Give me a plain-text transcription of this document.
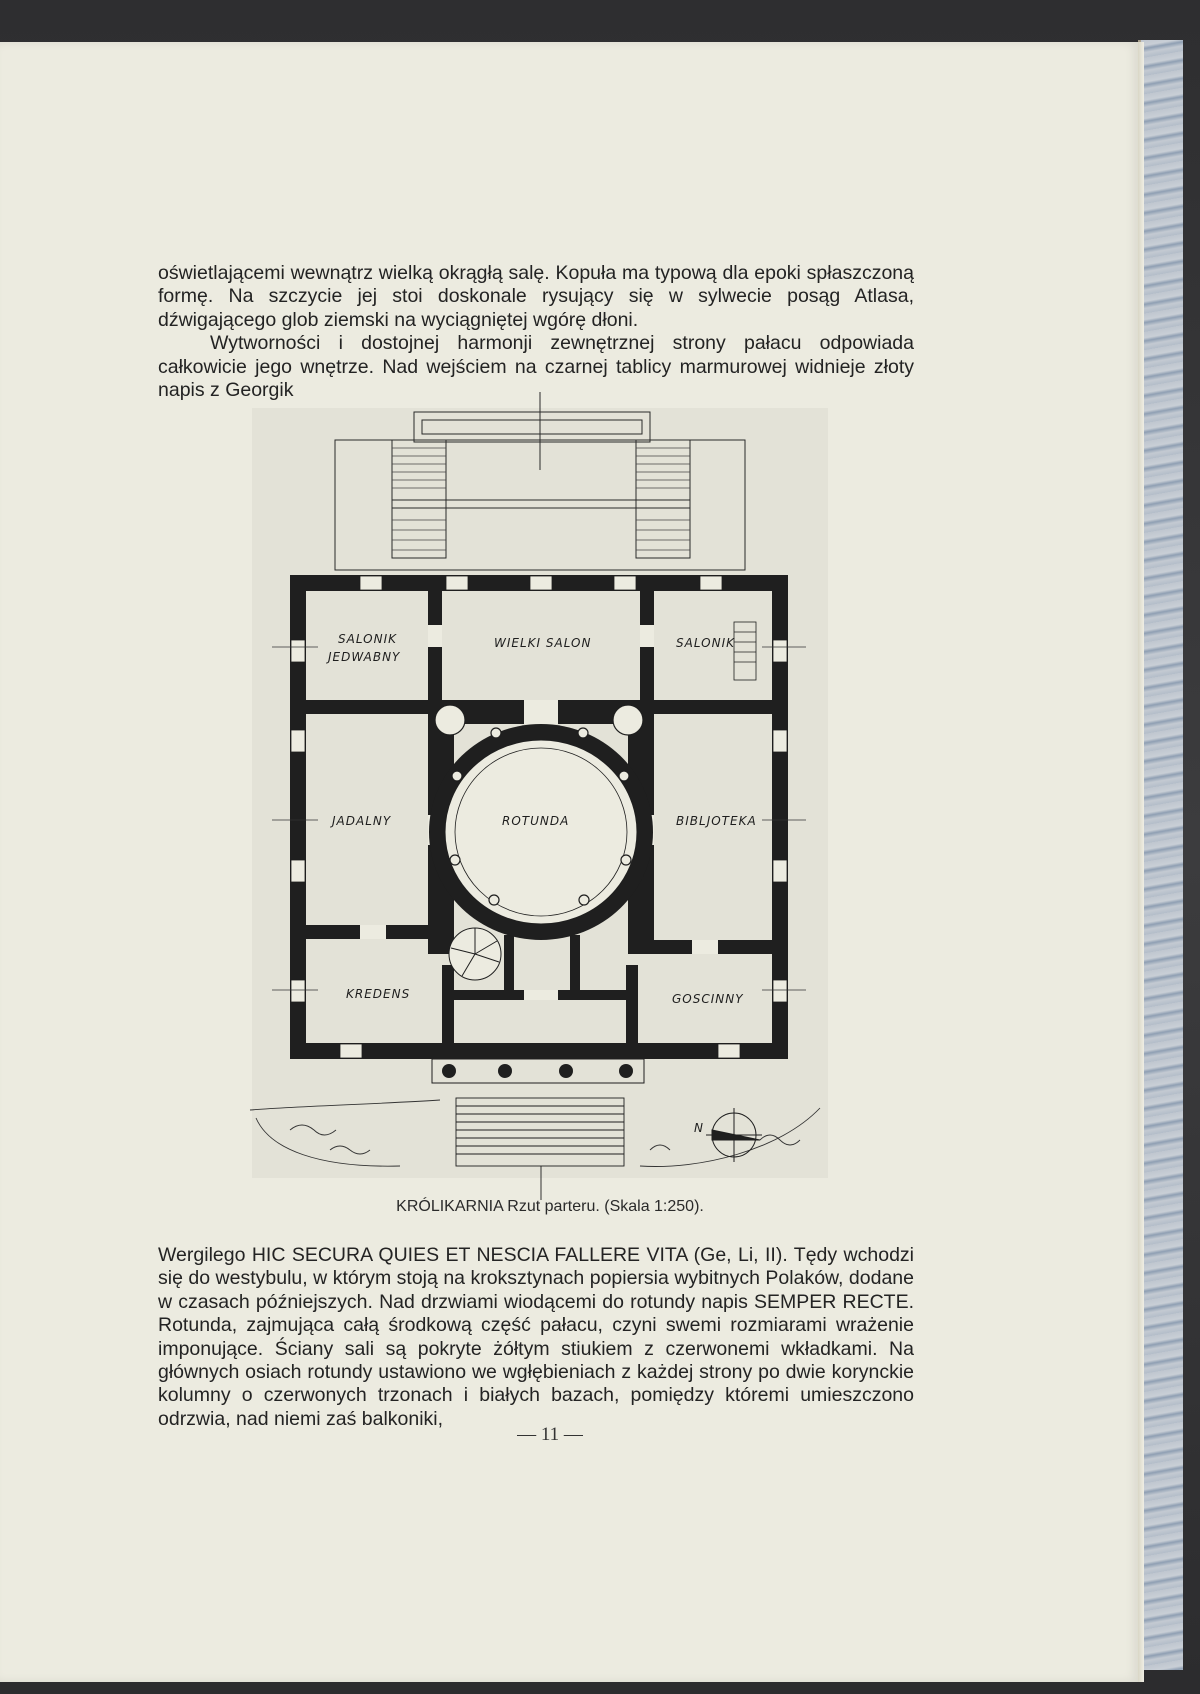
oświetlającemi wewnątrz wielką okrągłą salę. Kopuła ma typową dla epoki spłaszczoną formę. Na szczycie jej stoi doskonale rysujący się w sylwecie posąg Atlasa, dźwigającego glob ziemski na wyciągniętej wgórę dłoni.

Wytworności i dostojnej harmonji zewnętrznej strony pałacu odpowiada całkowicie jego wnętrze. Nad wejściem na czarnej tablicy marmurowej widnieje złoty napis z Georgik

N
SALONIK
JEDWABNY
WIELKI SALON	SALONIK
JADALNY	ROTUNDA	BIBLJOTEKA
KREDENS	GOSCINNY
KRÓLIKARNIA Rzut parteru. (Skala 1:250).

Wergilego HIC SECURA QUIES ET NESCIA FALLERE VITA (Ge, Li, II). Tędy wchodzi się do westybulu, w którym stoją na kroksztynach popiersia wybitnych Polaków, dodane w czasach późniejszych. Nad drzwiami wiodącemi do rotundy napis SEMPER RECTE. Rotunda, zajmująca całą środkową część pałacu, czyni swemi rozmiarami wrażenie imponujące. Ściany sali są pokryte żółtym stiukiem z czerwonemi wkładkami. Na głównych osiach rotundy ustawiono we wgłębieniach z każdej strony po dwie korynckie kolumny o czerwonych trzonach i białych bazach, pomiędzy któremi umieszczono odrzwia, nad niemi zaś balkoniki,

— 11 —
